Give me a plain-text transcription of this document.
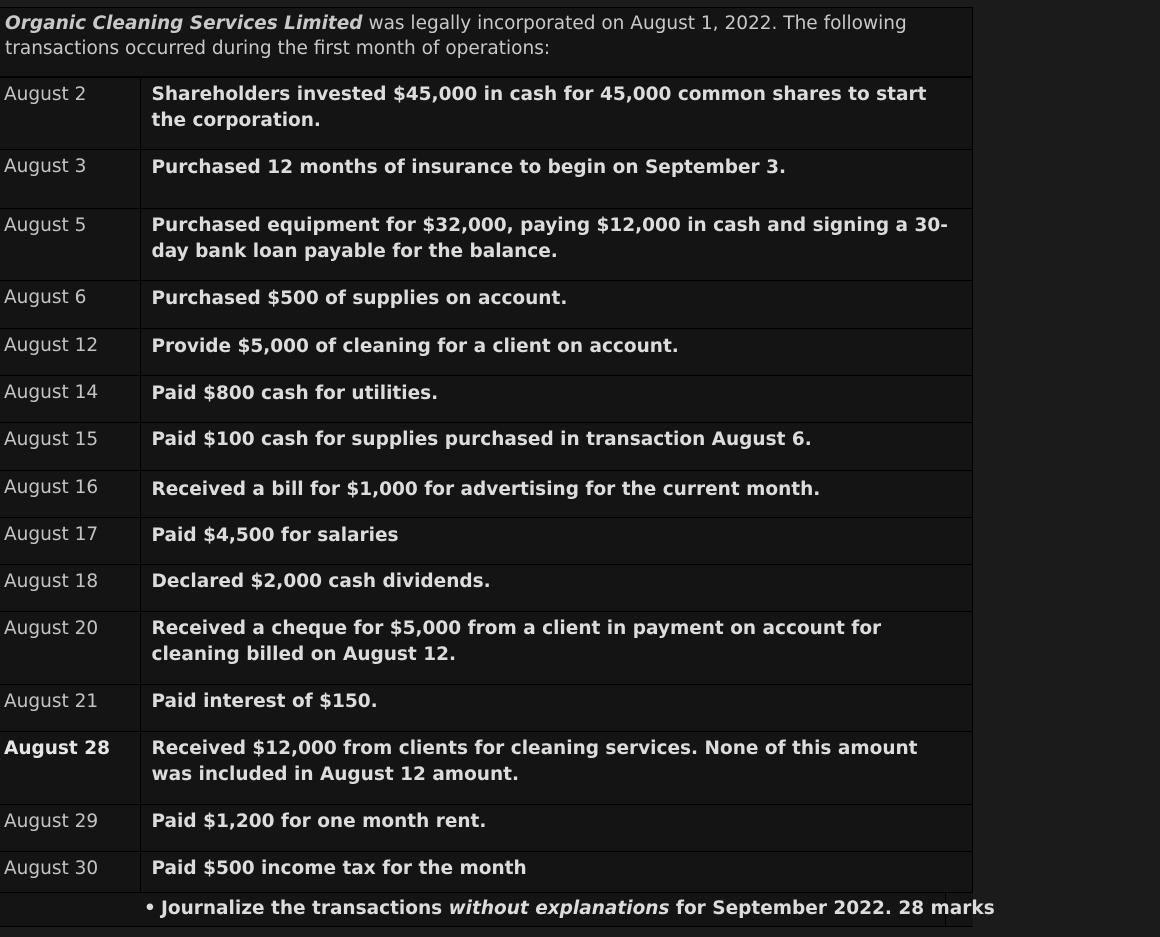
Organic Cleaning Services Limited was legally incorporated on August 1, 2022. The following transactions occurred during the first month of operations:
August 2	Shareholders invested $45,000 in cash for 45,000 common shares to start the corporation.
August 3	Purchased 12 months of insurance to begin on September 3.
August 5	Purchased equipment for $32,000, paying $12,000 in cash and signing a 30-day bank loan payable for the balance.
August 6	Purchased $500 of supplies on account.
August 12	Provide $5,000 of cleaning for a client on account.
August 14	Paid $800 cash for utilities.
August 15	Paid $100 cash for supplies purchased in transaction August 6.
August 16	Received a bill for $1,000 for advertising for the current month.
August 17	Paid $4,500 for salaries
August 18	Declared $2,000 cash dividends.
August 20	Received a cheque for $5,000 from a client in payment on account for cleaning billed on August 12.
August 21	Paid interest of $150.
August 28	Received $12,000 from clients for cleaning services. None of this amount was included in August 12 amount.
August 29	Paid $1,200 for one month rent.
August 30	Paid $500 income tax for the month
• Journalize the transactions without explanations for September 2022. 28 marks
